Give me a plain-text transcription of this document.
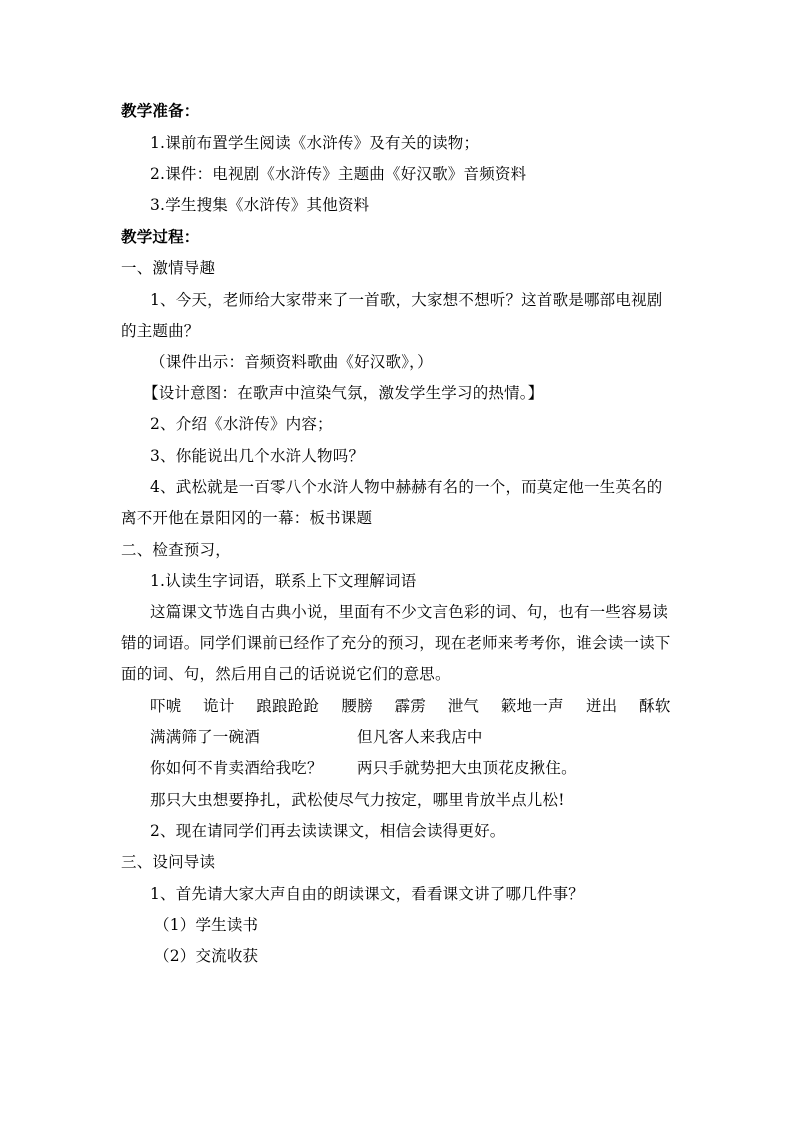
教学准备：
1.课前布置学生阅读《水浒传》及有关的读物；
2.课件：电视剧《水浒传》主题曲《好汉歌》音频资料
3.学生搜集《水浒传》其他资料
教学过程：
一、激情导趣
1、今天，老师给大家带来了一首歌，大家想不想听？这首歌是哪部电视剧
的主题曲？
（课件出示：音频资料歌曲《好汉歌》，）
【设计意图：在歌声中渲染气氛，激发学生学习的热情。】
2、介绍《水浒传》内容；
3、你能说出几个水浒人物吗？
4、武松就是一百零八个水浒人物中赫赫有名的一个，而莫定他一生英名的
离不开他在景阳冈的一幕：板书课题
二、检查预习，
1.认读生字词语，联系上下文理解词语
这篇课文节选自古典小说，里面有不少文言色彩的词、句，也有一些容易读
错的词语。同学们课前已经作了充分的预习，现在老师来考考你，谁会读一读下
面的词、句，然后用自己的话说说它们的意思。
吓唬 诡计 踉踉跄跄 腰膀 霹雳 泄气 簌地一声 迸出 酥软
满满筛了一碗酒	但凡客人来我店中
你如何不肯卖酒给我吃？ 两只手就势把大虫顶花皮揪住。
那只大虫想要挣扎，武松使尽气力按定，哪里肯放半点儿松!
2、现在请同学们再去读读课文，相信会读得更好。
三、设问导读
1、首先请大家大声自由的朗读课文，看看课文讲了哪几件事？
（1）学生读书
（2）交流收获
